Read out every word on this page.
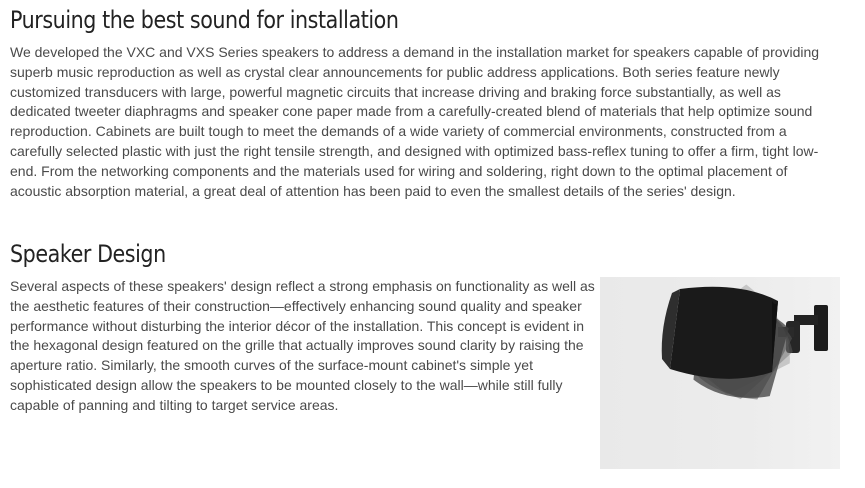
Pursuing the best sound for installation

We developed the VXC and VXS Series speakers to address a demand in the installation market for speakers capable of providing superb music reproduction as well as crystal clear announcements for public address applications. Both series feature newly customized transducers with large, powerful magnetic circuits that increase driving and braking force substantially, as well as dedicated tweeter diaphragms and speaker cone paper made from a carefully-created blend of materials that help optimize sound reproduction. Cabinets are built tough to meet the demands of a wide variety of commercial environments, constructed from a carefully selected plastic with just the right tensile strength, and designed with optimized bass-reflex tuning to offer a firm, tight low-end. From the networking components and the materials used for wiring and soldering, right down to the optimal placement of acoustic absorption material, a great deal of attention has been paid to even the smallest details of the series' design.

Speaker Design

Several aspects of these speakers' design reflect a strong emphasis on functionality as well as the aesthetic features of their construction—effectively enhancing sound quality and speaker performance without disturbing the interior décor of the installation. This concept is evident in the hexagonal design featured on the grille that actually improves sound clarity by raising the aperture ratio. Similarly, the smooth curves of the surface-mount cabinet's simple yet sophisticated design allow the speakers to be mounted closely to the wall—while still fully capable of panning and tilting to target service areas.
